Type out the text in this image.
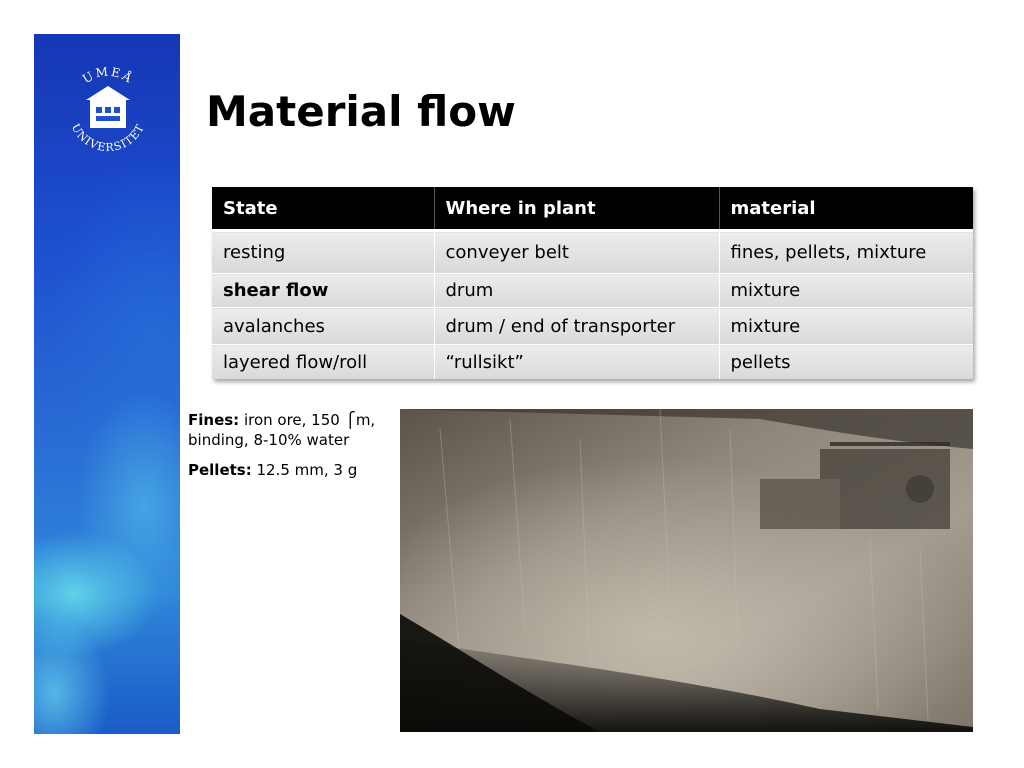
UMEÅ
UNIVERSITET Material flow
State	Where in plant	material
resting	conveyer belt	fines, pellets, mixture
shear flow	drum	mixture
avalanches	drum / end of transporter	mixture
layered flow/roll	“rullsikt”	pellets

Fines: iron ore, 150 ⎧m, binding, 8-10% water

Pellets: 12.5 mm, 3 g
